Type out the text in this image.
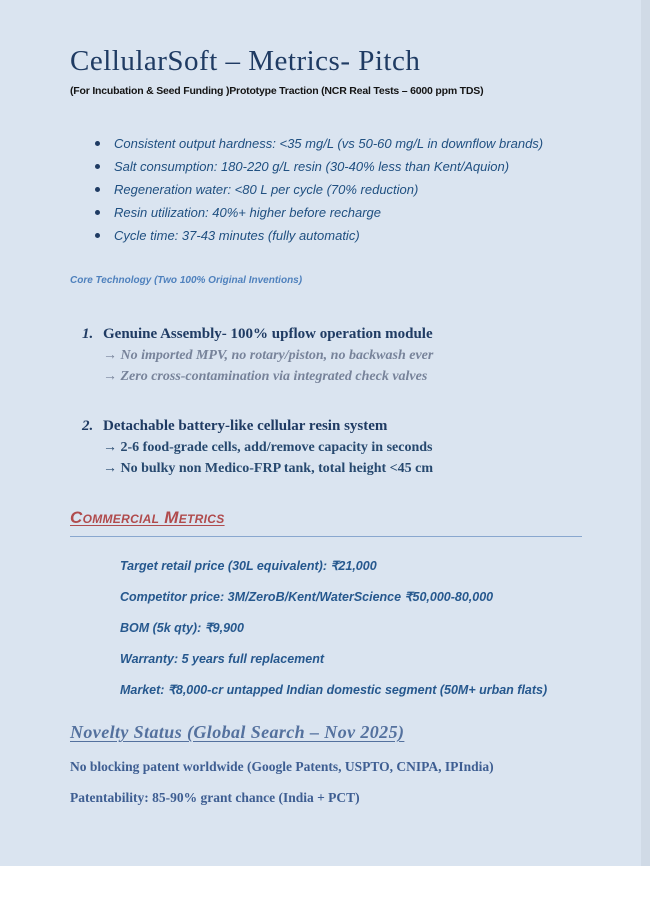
CellularSoft – Metrics- Pitch
(For Incubation & Seed Funding )Prototype Traction (NCR Real Tests – 6000 ppm TDS)
Consistent output hardness: <35 mg/L (vs 50-60 mg/L in downflow brands)
Salt consumption: 180-220 g/L resin (30-40% less than Kent/Aquion)
Regeneration water: <80 L per cycle (70% reduction)
Resin utilization: 40%+ higher before recharge
Cycle time: 37-43 minutes (fully automatic)
Core Technology (Two 100% Original Inventions)
1. Genuine Assembly- 100% upflow operation module
→ No imported MPV, no rotary/piston, no backwash ever
→ Zero cross-contamination via integrated check valves
2. Detachable battery-like cellular resin system
→ 2-6 food-grade cells, add/remove capacity in seconds
→ No bulky non Medico-FRP tank, total height <45 cm
Commercial Metrics
Target retail price (30L equivalent): ₹21,000
Competitor price: 3M/ZeroB/Kent/WaterScience ₹50,000-80,000
BOM (5k qty): ₹9,900
Warranty: 5 years full replacement
Market: ₹8,000-cr untapped Indian domestic segment (50M+ urban flats)
Novelty Status (Global Search – Nov 2025)
No blocking patent worldwide (Google Patents, USPTO, CNIPA, IPIndia)
Patentability: 85-90% grant chance (India + PCT)
